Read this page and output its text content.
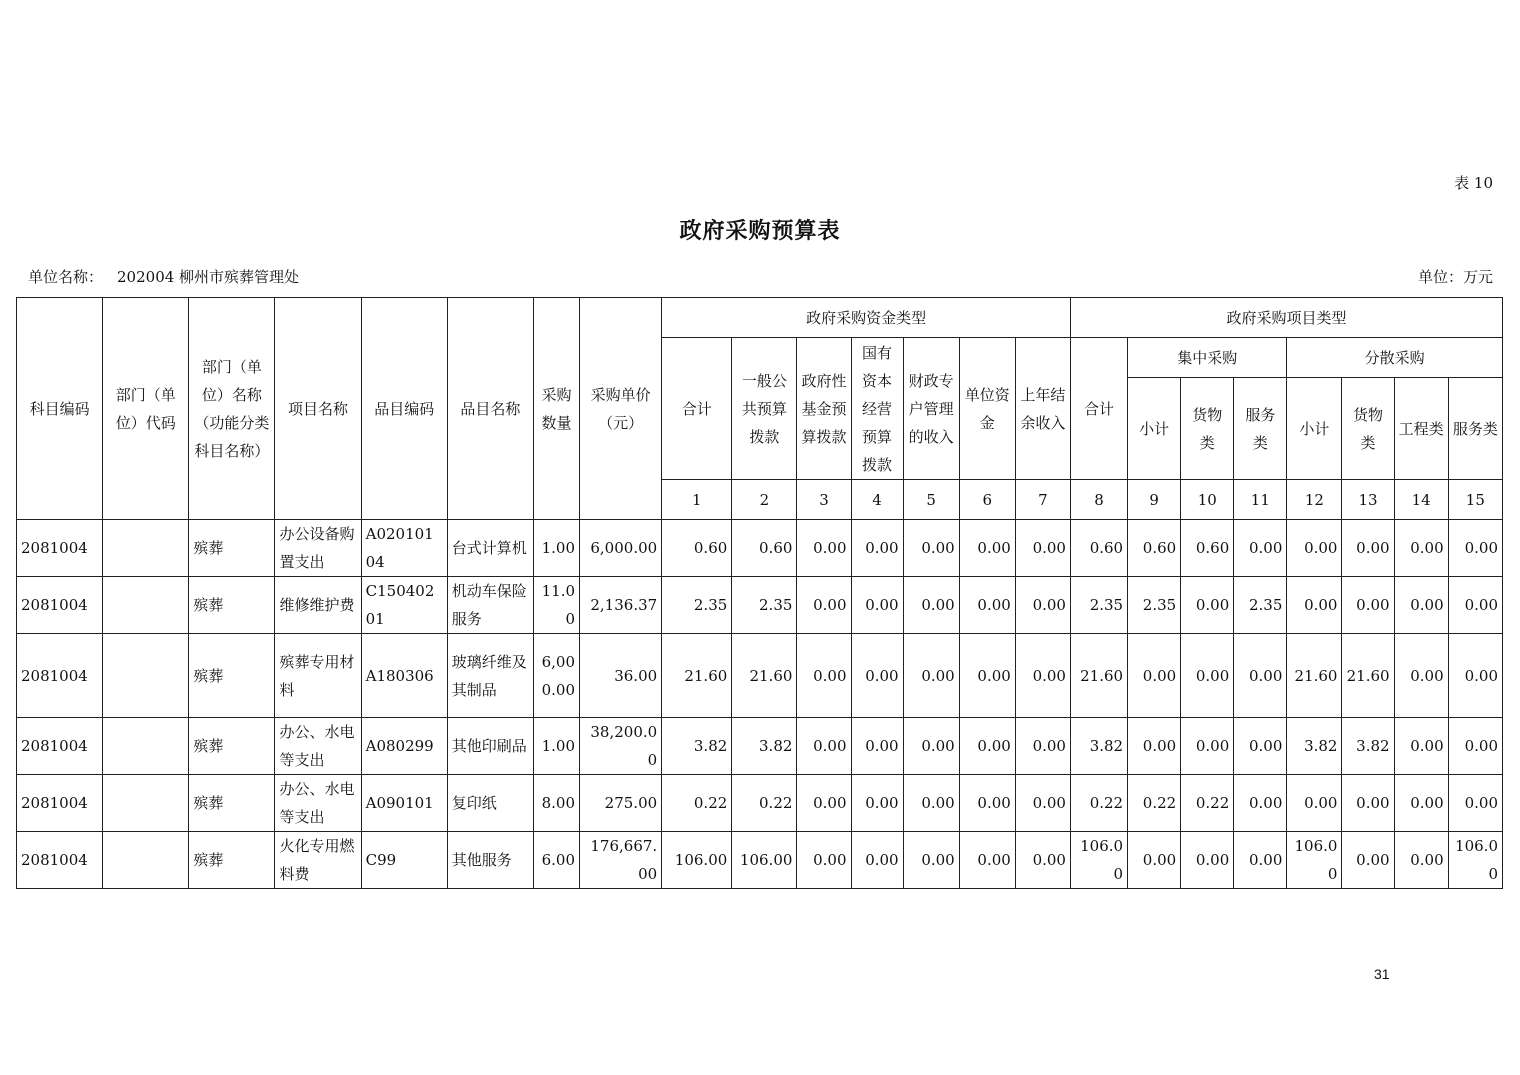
表 10
政府采购预算表
单位名称： 202004 柳州市殡葬管理处	单位：万元
科目编码	部门（单位）代码	部门（单位）名称（功能分类科目名称）	项目名称	品目编码	品目名称	采购数量	采购单价（元）	政府采购资金类型							政府采购项目类型							
								合计	一般公共预算拨款	政府性基金预算拨款	国有资本经营预算拨款	财政专户管理的收入	单位资金	上年结余收入	合计	集中采购			分散采购			
																小计	货物类	服务类	小计	货物类	工程类	服务类
								1	2	3	4	5	6	7	8	9	10	11	12	13	14	15
2081004		殡葬	办公设备购置支出	A02010104	台式计算机	1.00	6,000.00	0.60	0.60	0.00	0.00	0.00	0.00	0.00	0.60	0.60	0.60	0.00	0.00	0.00	0.00	0.00
2081004		殡葬	维修维护费	C15040201	机动车保险服务	11.00	2,136.37	2.35	2.35	0.00	0.00	0.00	0.00	0.00	2.35	2.35	0.00	2.35	0.00	0.00	0.00	0.00
2081004		殡葬	殡葬专用材料	A180306	玻璃纤维及其制品	6,000.00	36.00	21.60	21.60	0.00	0.00	0.00	0.00	0.00	21.60	0.00	0.00	0.00	21.60	21.60	0.00	0.00
2081004		殡葬	办公、水电等支出	A080299	其他印刷品	1.00	38,200.00	3.82	3.82	0.00	0.00	0.00	0.00	0.00	3.82	0.00	0.00	0.00	3.82	3.82	0.00	0.00
2081004		殡葬	办公、水电等支出	A090101	复印纸	8.00	275.00	0.22	0.22	0.00	0.00	0.00	0.00	0.00	0.22	0.22	0.22	0.00	0.00	0.00	0.00	0.00
2081004		殡葬	火化专用燃料费	C99	其他服务	6.00	176,667.00	106.00	106.00	0.00	0.00	0.00	0.00	0.00	106.00	0.00	0.00	0.00	106.00	0.00	0.00	106.00
31
